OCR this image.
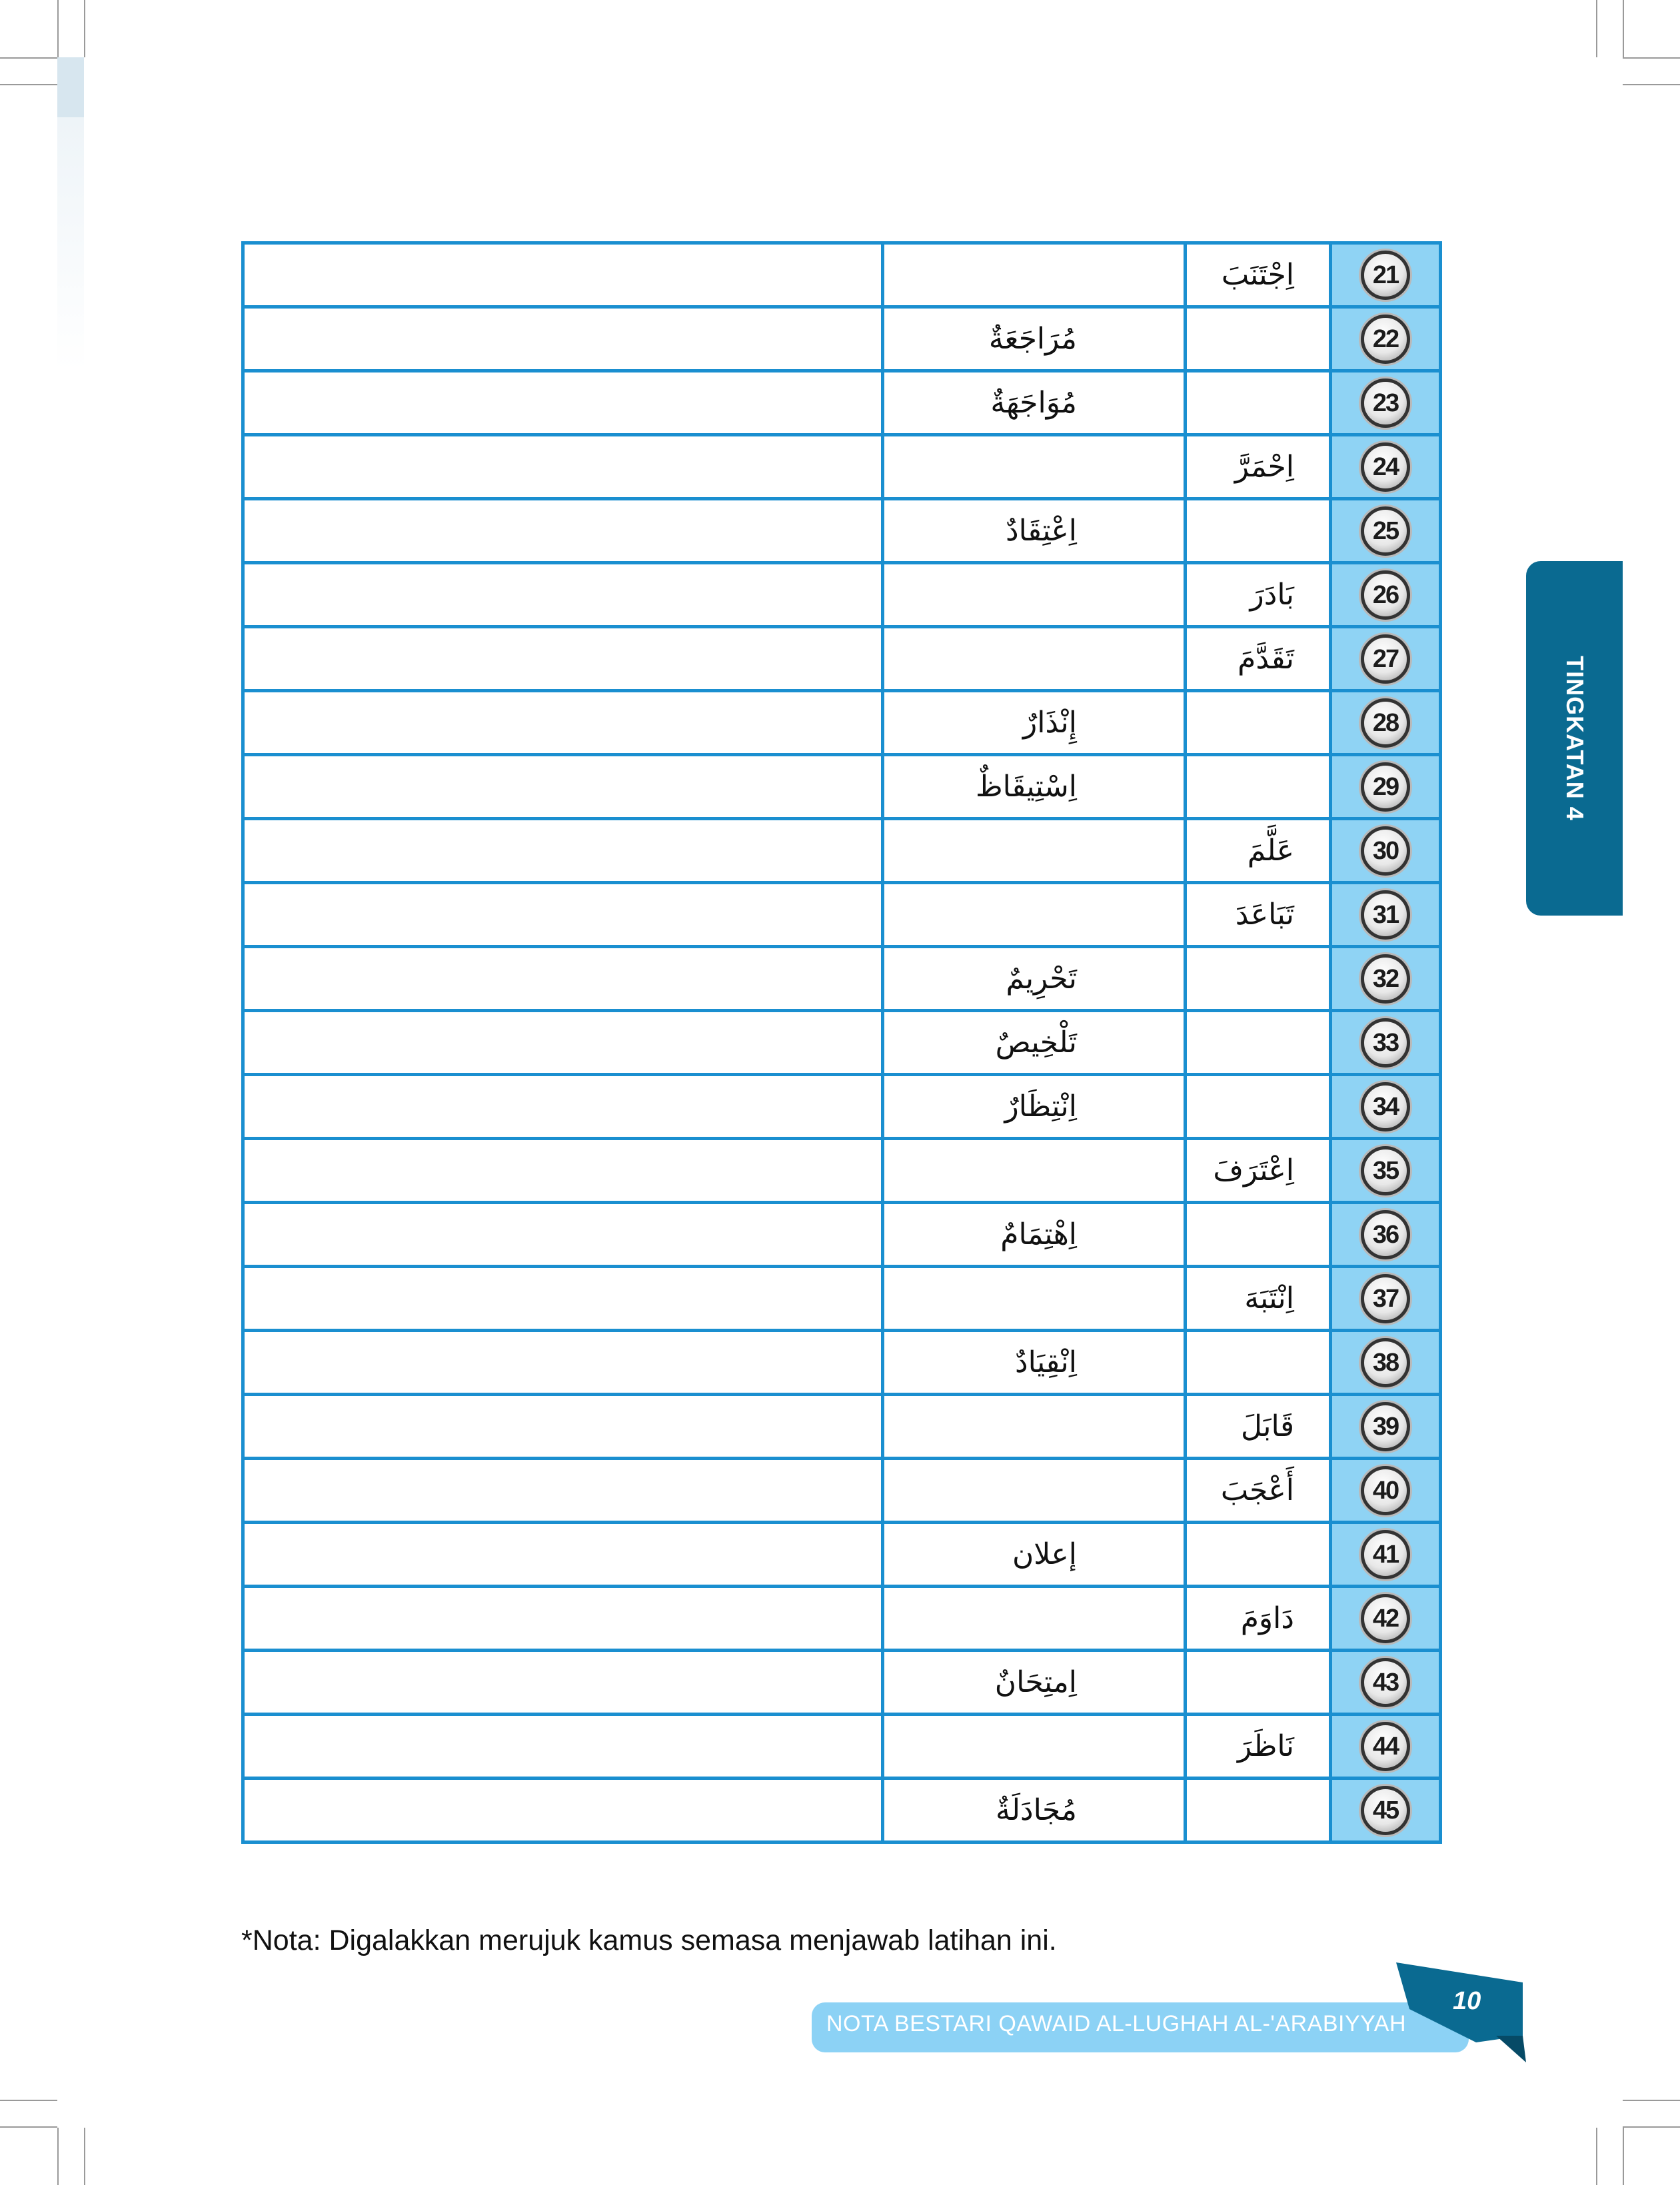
		اِجْتَنَبَ	21
	مُرَاجَعَةٌ		22
	مُوَاجَهَةٌ		23
		اِحْمَرَّ	24
	اِعْتِقَادٌ		25
		بَادَرَ	26
		تَقَدَّمَ	27
	إِنْذَارٌ		28
	اِسْتِيقَاظٌ		29
		عَلَّمَ	30
		تَبَاعَدَ	31
	تَحْرِيمٌ		32
	تَلْخِيصٌ		33
	اِنْتِظَارٌ		34
		اِعْتَرَفَ	35
	اِهْتِمَامٌ		36
		اِنْتَبَهَ	37
	اِنْقِيَادٌ		38
		قَابَلَ	39
		أَعْجَبَ	40
	إعلان		41
		دَاوَمَ	42
	اِمتِحَانٌ		43
		نَاظَرَ	44
	مُجَادَلَةٌ		45
*Nota: Digalakkan merujuk kamus semasa menjawab latihan ini.
NOTA BESTARI QAWAID AL-LUGHAH AL-'ARABIYYAH
10
TINGKATAN 4
